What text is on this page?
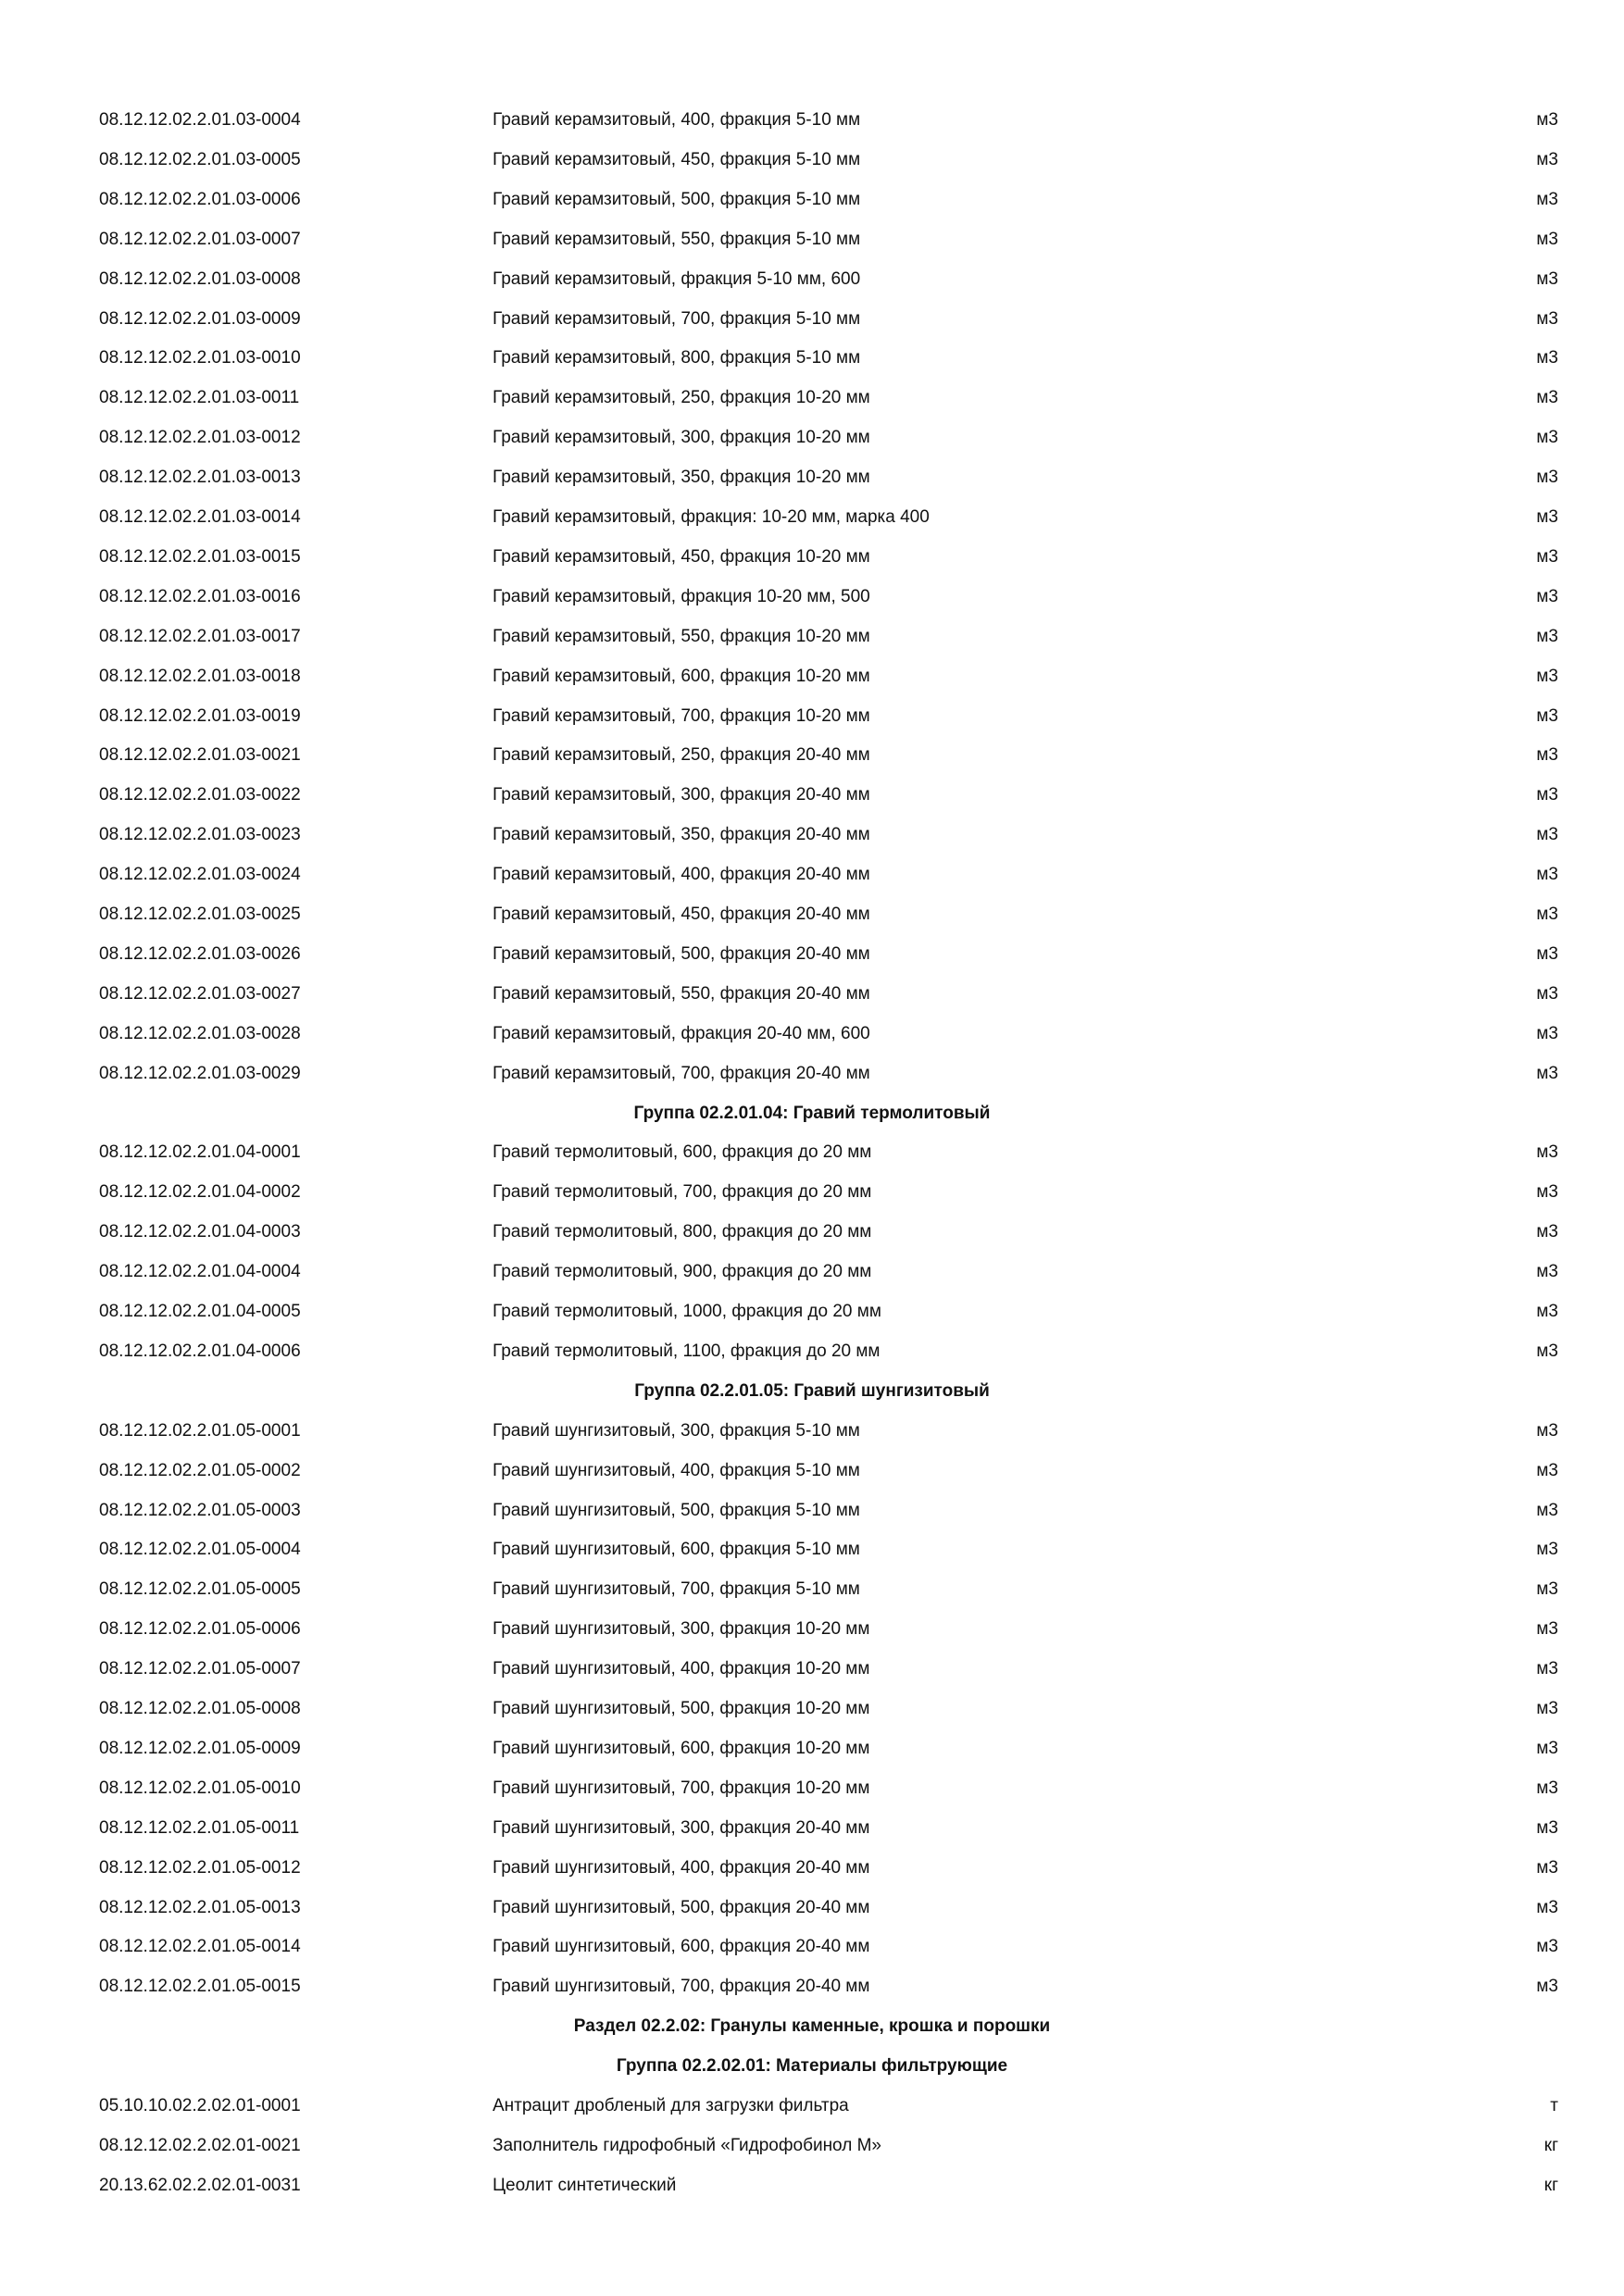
08.12.12.02.2.01.03-0004	Гравий керамзитовый, 400, фракция 5-10 мм	м3
08.12.12.02.2.01.03-0005	Гравий керамзитовый, 450, фракция 5-10 мм	м3
08.12.12.02.2.01.03-0006	Гравий керамзитовый, 500, фракция 5-10 мм	м3
08.12.12.02.2.01.03-0007	Гравий керамзитовый, 550, фракция 5-10 мм	м3
08.12.12.02.2.01.03-0008	Гравий керамзитовый, фракция 5-10 мм, 600	м3
08.12.12.02.2.01.03-0009	Гравий керамзитовый, 700, фракция 5-10 мм	м3
08.12.12.02.2.01.03-0010	Гравий керамзитовый, 800, фракция 5-10 мм	м3
08.12.12.02.2.01.03-0011	Гравий керамзитовый, 250, фракция 10-20 мм	м3
08.12.12.02.2.01.03-0012	Гравий керамзитовый, 300, фракция 10-20 мм	м3
08.12.12.02.2.01.03-0013	Гравий керамзитовый, 350, фракция 10-20 мм	м3
08.12.12.02.2.01.03-0014	Гравий керамзитовый, фракция: 10-20 мм, марка 400	м3
08.12.12.02.2.01.03-0015	Гравий керамзитовый, 450, фракция 10-20 мм	м3
08.12.12.02.2.01.03-0016	Гравий керамзитовый, фракция 10-20 мм, 500	м3
08.12.12.02.2.01.03-0017	Гравий керамзитовый, 550, фракция 10-20 мм	м3
08.12.12.02.2.01.03-0018	Гравий керамзитовый, 600, фракция 10-20 мм	м3
08.12.12.02.2.01.03-0019	Гравий керамзитовый, 700, фракция 10-20 мм	м3
08.12.12.02.2.01.03-0021	Гравий керамзитовый, 250, фракция 20-40 мм	м3
08.12.12.02.2.01.03-0022	Гравий керамзитовый, 300, фракция 20-40 мм	м3
08.12.12.02.2.01.03-0023	Гравий керамзитовый, 350, фракция 20-40 мм	м3
08.12.12.02.2.01.03-0024	Гравий керамзитовый, 400, фракция 20-40 мм	м3
08.12.12.02.2.01.03-0025	Гравий керамзитовый, 450, фракция 20-40 мм	м3
08.12.12.02.2.01.03-0026	Гравий керамзитовый, 500, фракция 20-40 мм	м3
08.12.12.02.2.01.03-0027	Гравий керамзитовый, 550, фракция 20-40 мм	м3
08.12.12.02.2.01.03-0028	Гравий керамзитовый, фракция 20-40 мм, 600	м3
08.12.12.02.2.01.03-0029	Гравий керамзитовый, 700, фракция 20-40 мм	м3
Группа 02.2.01.04: Гравий термолитовый
08.12.12.02.2.01.04-0001	Гравий термолитовый, 600, фракция до 20 мм	м3
08.12.12.02.2.01.04-0002	Гравий термолитовый, 700, фракция до 20 мм	м3
08.12.12.02.2.01.04-0003	Гравий термолитовый, 800, фракция до 20 мм	м3
08.12.12.02.2.01.04-0004	Гравий термолитовый, 900, фракция до 20 мм	м3
08.12.12.02.2.01.04-0005	Гравий термолитовый, 1000, фракция до 20 мм	м3
08.12.12.02.2.01.04-0006	Гравий термолитовый, 1100, фракция до 20 мм	м3
Группа 02.2.01.05: Гравий шунгизитовый
08.12.12.02.2.01.05-0001	Гравий шунгизитовый, 300, фракция 5-10 мм	м3
08.12.12.02.2.01.05-0002	Гравий шунгизитовый, 400, фракция 5-10 мм	м3
08.12.12.02.2.01.05-0003	Гравий шунгизитовый, 500, фракция 5-10 мм	м3
08.12.12.02.2.01.05-0004	Гравий шунгизитовый, 600, фракция 5-10 мм	м3
08.12.12.02.2.01.05-0005	Гравий шунгизитовый, 700, фракция 5-10 мм	м3
08.12.12.02.2.01.05-0006	Гравий шунгизитовый, 300, фракция 10-20 мм	м3
08.12.12.02.2.01.05-0007	Гравий шунгизитовый, 400, фракция 10-20 мм	м3
08.12.12.02.2.01.05-0008	Гравий шунгизитовый, 500, фракция 10-20 мм	м3
08.12.12.02.2.01.05-0009	Гравий шунгизитовый, 600, фракция 10-20 мм	м3
08.12.12.02.2.01.05-0010	Гравий шунгизитовый, 700, фракция 10-20 мм	м3
08.12.12.02.2.01.05-0011	Гравий шунгизитовый, 300, фракция 20-40 мм	м3
08.12.12.02.2.01.05-0012	Гравий шунгизитовый, 400, фракция 20-40 мм	м3
08.12.12.02.2.01.05-0013	Гравий шунгизитовый, 500, фракция 20-40 мм	м3
08.12.12.02.2.01.05-0014	Гравий шунгизитовый, 600, фракция 20-40 мм	м3
08.12.12.02.2.01.05-0015	Гравий шунгизитовый, 700, фракция 20-40 мм	м3
Раздел 02.2.02: Гранулы каменные, крошка и порошки
Группа 02.2.02.01: Материалы фильтрующие
05.10.10.02.2.02.01-0001	Антрацит дробленый для загрузки фильтра	т
08.12.12.02.2.02.01-0021	Заполнитель гидрофобный «Гидрофобинол М»	кг
20.13.62.02.2.02.01-0031	Цеолит синтетический	кг
